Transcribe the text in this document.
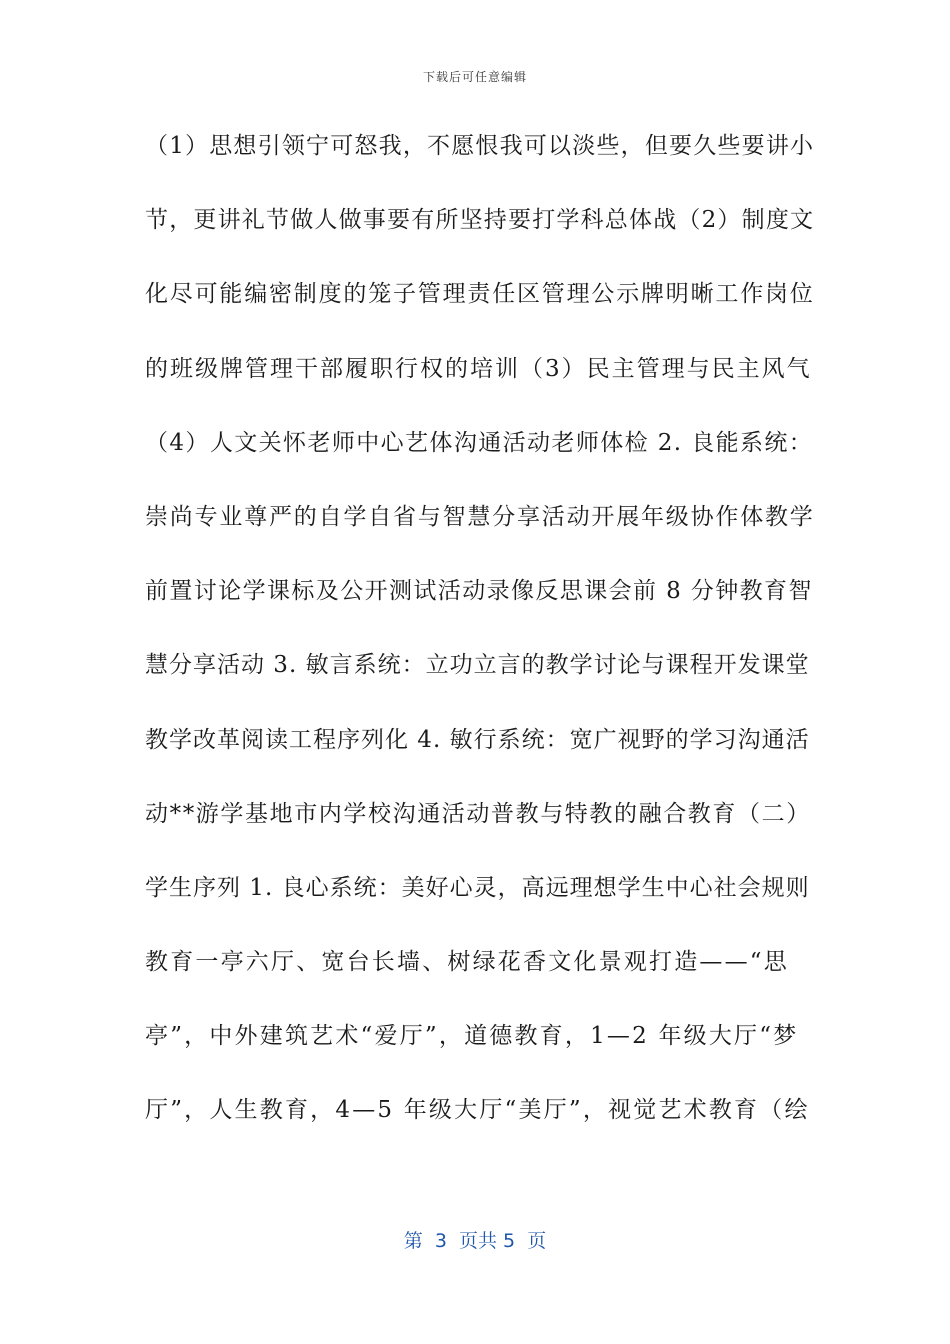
下载后可任意编辑
（1）思想引领宁可怒我，不愿恨我可以淡些，但要久些要讲小
节，更讲礼节做人做事要有所坚持要打学科总体战（2）制度文
化尽可能编密制度的笼子管理责任区管理公示牌明晰工作岗位
的班级牌管理干部履职行权的培训（3）民主管理与民主风气
（4）人文关怀老师中心艺体沟通活动老师体检 2. 良能系统：
崇尚专业尊严的自学自省与智慧分享活动开展年级协作体教学
前置讨论学课标及公开测试活动录像反思课会前 8 分钟教育智
慧分享活动 3. 敏言系统：立功立言的教学讨论与课程开发课堂
教学改革阅读工程序列化 4. 敏行系统：宽广视野的学习沟通活
动**游学基地市内学校沟通活动普教与特教的融合教育（二）
学生序列 1. 良心系统：美好心灵，高远理想学生中心社会规则
教育一亭六厅、宽台长墙、树绿花香文化景观打造——“思
亭”，中外建筑艺术“爱厅”，道德教育，1—2 年级大厅“梦
厅”，人生教育，4—5 年级大厅“美厅”，视觉艺术教育（绘
第  3  页共 5  页
